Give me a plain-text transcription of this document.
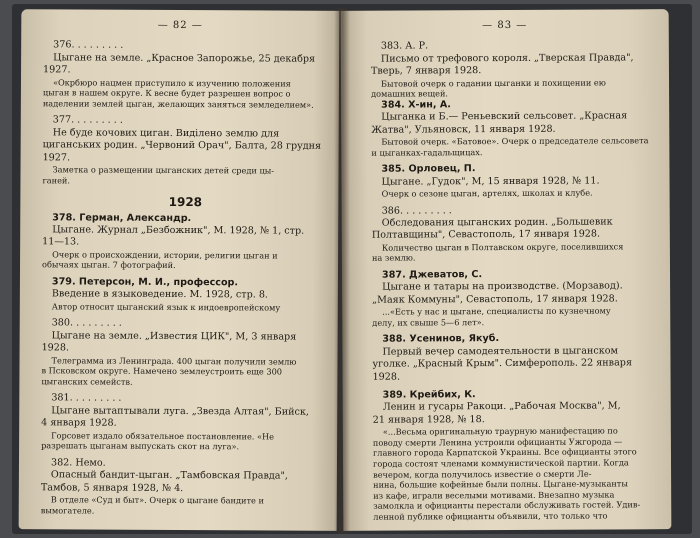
— 82 —
376. . . . . . . . .
Цыгане на земле. „Красное Запорожье, 25 декабря
1927.
«Окрбюро нацмен приступило к изучению положения
цыган в нашем округе. К весне будет разрешен вопрос о
наделении землей цыган, желающих заняться земледелием».
377. . . . . . . . .
Не буде кочових циган. Видiлено землю для
циганських родин. „Червоний Орач", Балта, 28 грудня
1927.
Заметка о размещении цыганских детей среди цы-
ганей.
1928
378. Герман, Александр.
Цыгане. Журнал „Безбожник", М. 1928, № 1, стр.
11—13.
Очерк о происхождении, истории, религии цыган и
обычаях цыган. 7 фотографий.
379. Петерсон, М. И., профессор.
Введение в языковедение. М. 1928, стр. 8.
Автор относит цыганский язык к индоевропейскому
380. . . . . . . . .
Цыгане на земле. „Известия ЦИК", М, 3 января
1928.
Телеграмма из Ленинграда. 400 цыган получили землю
в Псковском округе. Намечено землеустроить еще 300
цыганских семейств.
381. . . . . . . . .
Цыгане вытаптывали луга. „Звезда Алтая", Бийск,
4 января 1928.
Горсовет издало обязательное постановление. «Не
разрешать цыганам выпускать скот на луга».
382. Немо.
Опасный бандит-цыган. „Тамбовская Правда",
Тамбов, 5 января 1928, № 4.
В отделе «Суд и быт». Очерк о цыгане бандите и
вымогателе.
— 83 —
383. А. Р.
Письмо от трефового короля. „Тверская Правда",
Тверь, 7 января 1928.
Бытовой очерк о гадании цыганки и похищении ею
домашних вещей.
384. Х-ин, А.
Цыганка и Б.— Реньевский сельсовет. „Красная
Жатва", Ульяновск, 11 января 1928.
Бытовой очерк. «Батовое». Очерк о председателе сельсовета
и цыганках-гадальщицах.
385. Орловец, П.
Цыгане. „Гудок", М, 15 января 1928, № 11.
Очерк о сезоне цыган, артелях, школах и клубе.
386. . . . . . . . .
Обследования цыганских родин. „Большевик
Полтавщины", Севастополь, 17 января 1928.
Количество цыган в Полтавском округе, поселившихся
на землю.
387. Джеватов, С.
Цыгане и татары на производстве. (Морзавод).
„Маяк Коммуны", Севастополь, 17 января 1928.
...«Есть у нас и цыгане, специалисты по кузнечному
делу, их свыше 5—6 лет».
388. Усенинов, Якуб.
Первый вечер самодеятельности в цыганском
уголке. „Красный Крым". Симферополь. 22 января
1928.
389. Крейбих, К.
Ленин и гусары Ракоци. „Рабочая Москва", М,
21 января 1928, № 18.
«...Весьма оригинальную траурную манифестацию по
поводу смерти Ленина устроили официанты Ужгорода —
главного города Карпатской Украины. Все официанты этого
города состоят членами коммунистической партии. Когда
вечером, когда получилось известие о смерти Ле-
нина, большие кофейные были полны. Цыгане-музыканты
из кафе, играли веселыми мотивами. Внезапно музыка
замолкла и официанты перестали обслуживать гостей. Удив-
ленной публике официанты объявили, что только что
